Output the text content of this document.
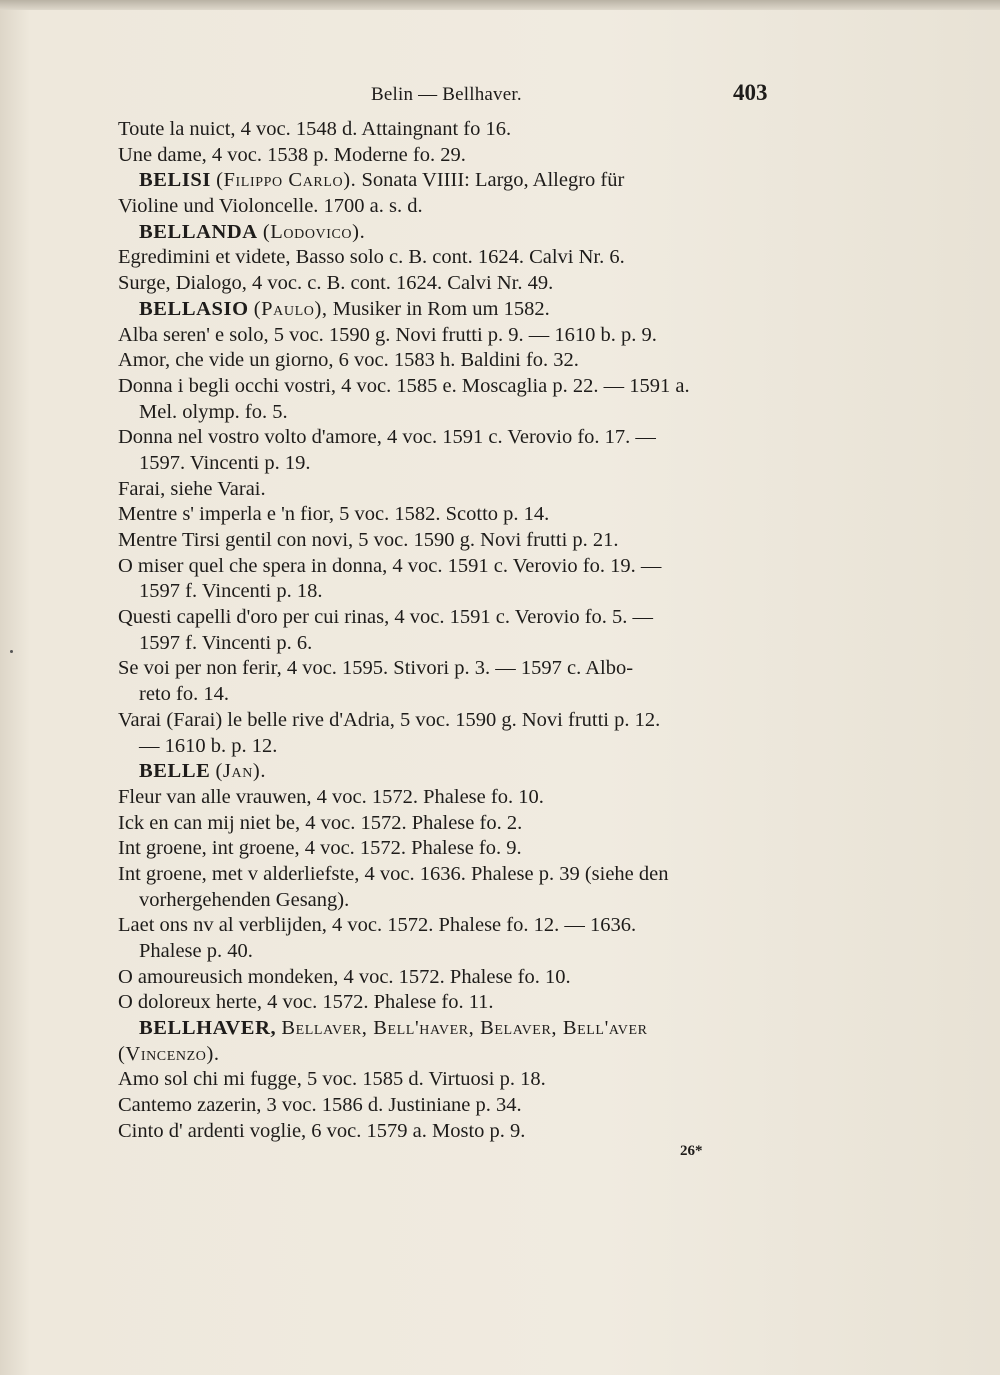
Belin — Bellhaver.	403
Toute la nuict, 4 voc. 1548 d. Attaingnant fo 16.
Une dame, 4 voc. 1538 p. Moderne fo. 29.
BELISI (Filippo Carlo). Sonata VIIII: Largo, Allegro für
Violine und Violoncelle. 1700 a. s. d.
BELLANDA (Lodovico).
Egredimini et videte, Basso solo c. B. cont. 1624. Calvi Nr. 6.
Surge, Dialogo, 4 voc. c. B. cont. 1624. Calvi Nr. 49.
BELLASIO (Paulo), Musiker in Rom um 1582.
Alba seren' e solo, 5 voc. 1590 g. Novi frutti p. 9. — 1610 b. p. 9.
Amor, che vide un giorno, 6 voc. 1583 h. Baldini fo. 32.
Donna i begli occhi vostri, 4 voc. 1585 e. Moscaglia p. 22. — 1591 a.
Mel. olymp. fo. 5.
Donna nel vostro volto d'amore, 4 voc. 1591 c. Verovio fo. 17. —
1597. Vincenti p. 19.
Farai, siehe Varai.
Mentre s' imperla e 'n fior, 5 voc. 1582. Scotto p. 14.
Mentre Tirsi gentil con novi, 5 voc. 1590 g. Novi frutti p. 21.
O miser quel che spera in donna, 4 voc. 1591 c. Verovio fo. 19. —
1597 f. Vincenti p. 18.
Questi capelli d'oro per cui rinas, 4 voc. 1591 c. Verovio fo. 5. —
1597 f. Vincenti p. 6.
Se voi per non ferir, 4 voc. 1595. Stivori p. 3. — 1597 c. Albo-
reto fo. 14.
Varai (Farai) le belle rive d'Adria, 5 voc. 1590 g. Novi frutti p. 12.
— 1610 b. p. 12.
BELLE (Jan).
Fleur van alle vrauwen, 4 voc. 1572. Phalese fo. 10.
Ick en can mij niet be, 4 voc. 1572. Phalese fo. 2.
Int groene, int groene, 4 voc. 1572. Phalese fo. 9.
Int groene, met v alderliefste, 4 voc. 1636. Phalese p. 39 (siehe den
vorhergehenden Gesang).
Laet ons nv al verblijden, 4 voc. 1572. Phalese fo. 12. — 1636.
Phalese p. 40.
O amoureusich mondeken, 4 voc. 1572. Phalese fo. 10.
O doloreux herte, 4 voc. 1572. Phalese fo. 11.
BELLHAVER, Bellaver, Bell'haver, Belaver, Bell'aver
(Vincenzo).
Amo sol chi mi fugge, 5 voc. 1585 d. Virtuosi p. 18.
Cantemo zazerin, 3 voc. 1586 d. Justiniane p. 34.
Cinto d' ardenti voglie, 6 voc. 1579 a. Mosto p. 9.
26*
